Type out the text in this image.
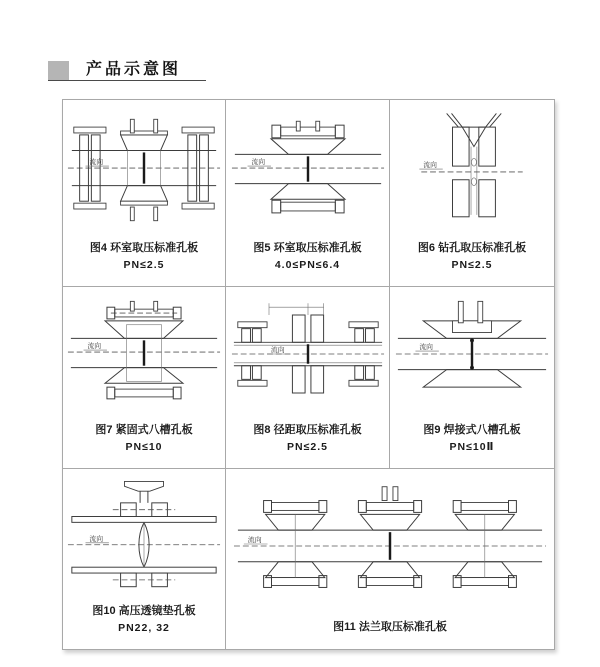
产品示意图
流向
图4 环室取压标准孔板
PN≤2.5
流向
图5 环室取压标准孔板
4.0≤PN≤6.4
流向
图6 钻孔取压标准孔板
PN≤2.5
流向
图7 紧固式八槽孔板
PN≤10
流向
图8 径距取压标准孔板
PN≤2.5
流向
图9 焊接式八槽孔板
PN≤10Ⅱ
流向
图10 高压透镜垫孔板
PN22, 32
流向
图11 法兰取压标准孔板
